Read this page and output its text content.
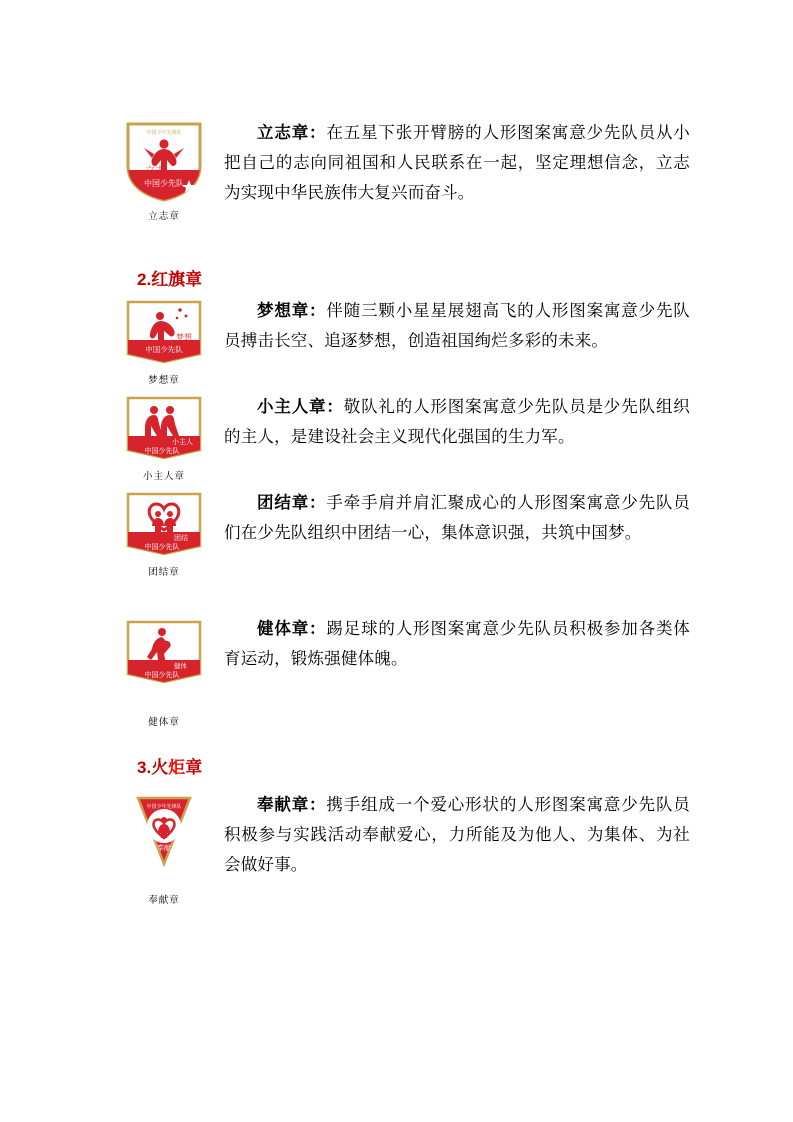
立志
中国少先队
中国少年先锋队
立志章
立志章：在五星下张开臂膀的人形图案寓意少先队员从小把自己的志向同祖国和人民联系在一起，坚定理想信念，立志为实现中华民族伟大复兴而奋斗。
2.红旗章
梦想
中国少先队
梦想章
梦想章：伴随三颗小星星展翅高飞的人形图案寓意少先队员搏击长空、追逐梦想，创造祖国绚烂多彩的未来。
小主人
中国少先队
小主人章
小主人章：敬队礼的人形图案寓意少先队员是少先队组织的主人，是建设社会主义现代化强国的生力军。
团结
中国少先队
团结章
团结章：手牵手肩并肩汇聚成心的人形图案寓意少先队员们在少先队组织中团结一心，集体意识强，共筑中国梦。
健体
中国少先队
健体章
健体章：踢足球的人形图案寓意少先队员积极参加各类体育运动，锻炼强健体魄。
3.火炬章
中国少年先锋队
奉献
奉献章
奉献章：携手组成一个爱心形状的人形图案寓意少先队员积极参与实践活动奉献爱心，力所能及为他人、为集体、为社会做好事。
